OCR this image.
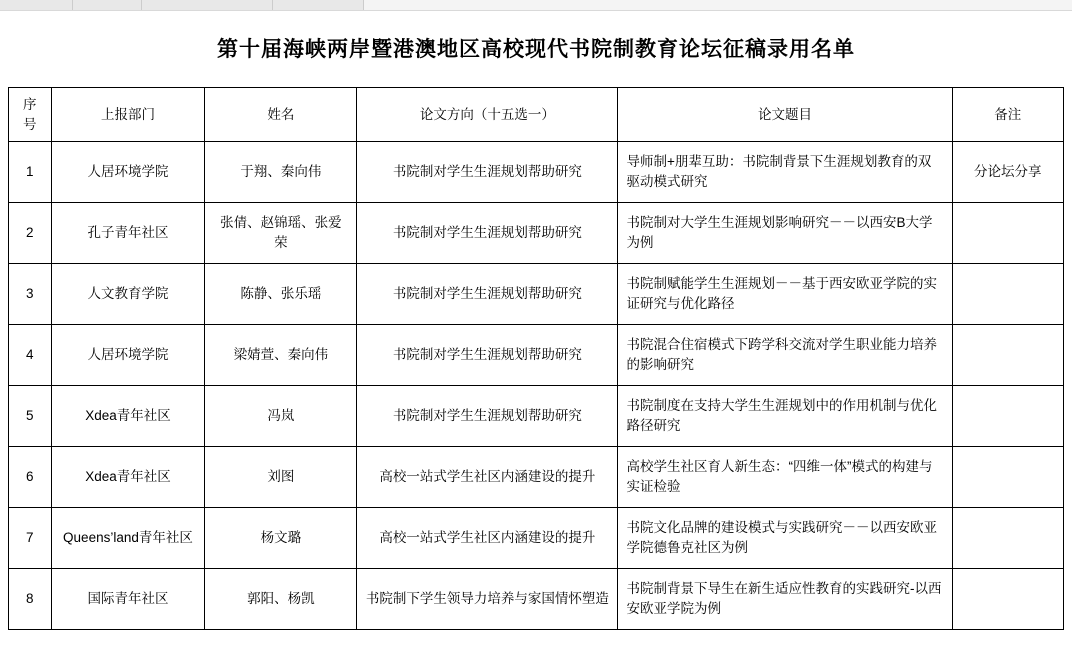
第十届海峡两岸暨港澳地区高校现代书院制教育论坛征稿录用名单
序号	上报部门	姓名	论文方向（十五选一）	论文题目	备注
1	人居环境学院	于翔、秦向伟	书院制对学生生涯规划帮助研究	导师制+朋辈互助：书院制背景下生涯规划教育的双驱动模式研究	分论坛分享
2	孔子青年社区	张倩、赵锦瑶、张爱荣	书院制对学生生涯规划帮助研究	书院制对大学生生涯规划影响研究－－以西安B大学为例	
3	人文教育学院	陈静、张乐瑶	书院制对学生生涯规划帮助研究	书院制赋能学生生涯规划－－基于西安欧亚学院的实证研究与优化路径	
4	人居环境学院	梁婧萱、秦向伟	书院制对学生生涯规划帮助研究	书院混合住宿模式下跨学科交流对学生职业能力培养的影响研究	
5	Xdea青年社区	冯岚	书院制对学生生涯规划帮助研究	书院制度在支持大学生生涯规划中的作用机制与优化路径研究	
6	Xdea青年社区	刘图	高校一站式学生社区内涵建设的提升	高校学生社区育人新生态：“四维一体”模式的构建与实证检验	
7	Queens’land青年社区	杨文璐	高校一站式学生社区内涵建设的提升	书院文化品牌的建设模式与实践研究－－以西安欧亚学院德鲁克社区为例	
8	国际青年社区	郭阳、杨凯	书院制下学生领导力培养与家国情怀塑造	书院制背景下导生在新生适应性教育的实践研究-以西安欧亚学院为例	
